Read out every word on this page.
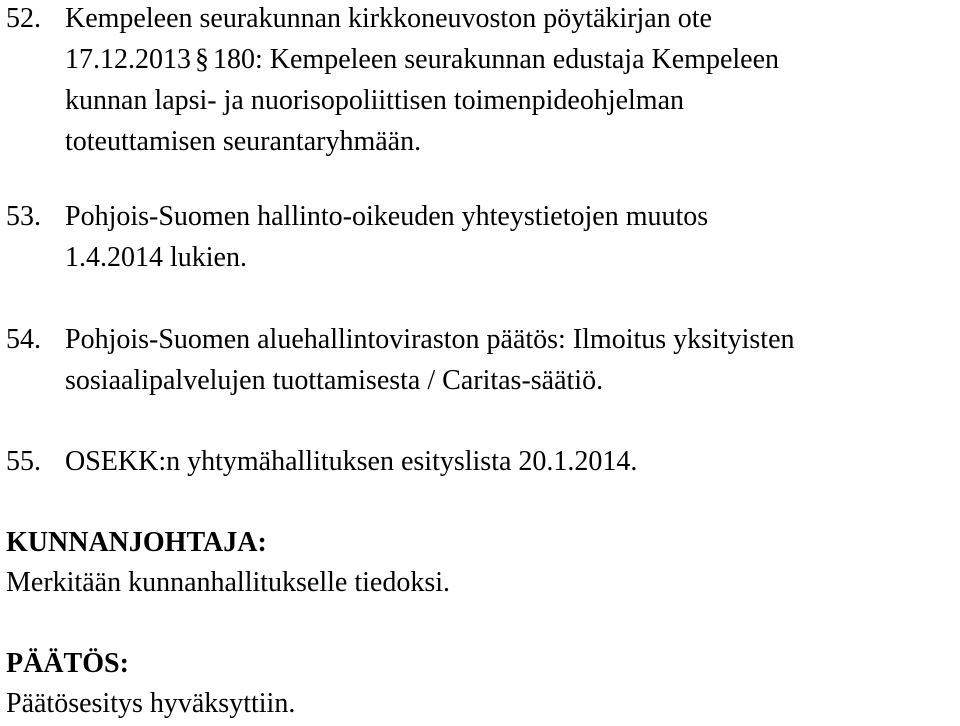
52. Kempeleen seurakunnan kirkkoneuvoston pöytäkirjan ote
17.12.2013 § 180: Kempeleen seurakunnan edustaja Kempeleen
kunnan lapsi- ja nuorisopoliittisen toimenpideohjelman
toteuttamisen seurantaryhmään.
53. Pohjois-Suomen hallinto-oikeuden yhteystietojen muutos
1.4.2014 lukien.
54. Pohjois-Suomen aluehallintoviraston päätös: Ilmoitus yksityisten
sosiaalipalvelujen tuottamisesta / Caritas-säätiö.
55. OSEKK:n yhtymähallituksen esityslista 20.1.2014.
KUNNANJOHTAJA:
Merkitään kunnanhallitukselle tiedoksi.
PÄÄTÖS:
Päätösesitys hyväksyttiin.
